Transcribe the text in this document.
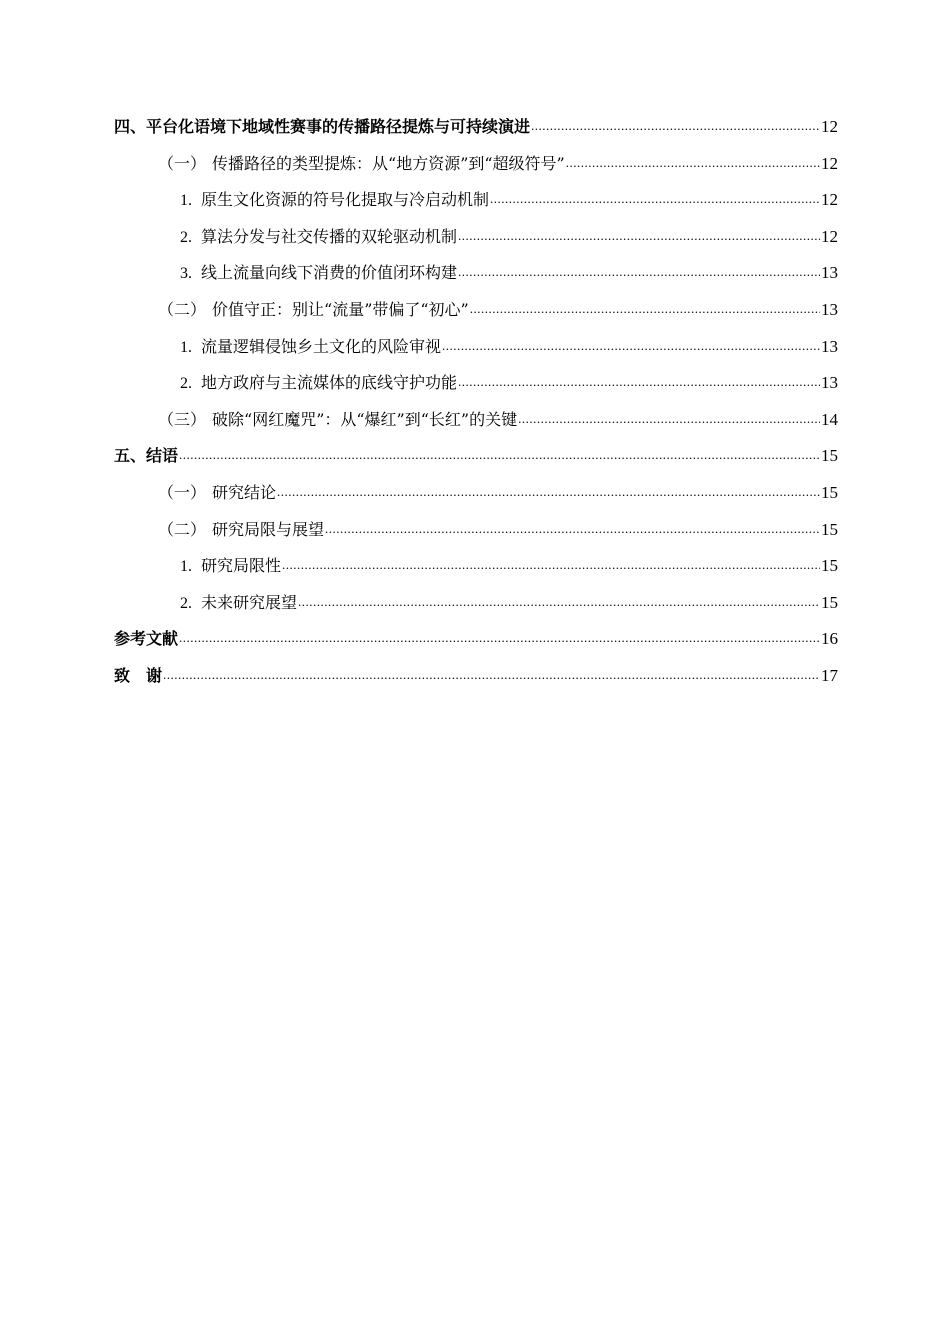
四、平台化语境下地域性赛事的传播路径提炼与可持续演进 .....	12
（一） 传播路径的类型提炼：从“地方资源”到“超级符号” .....	12
1. 原生文化资源的符号化提取与冷启动机制 .....	12
2. 算法分发与社交传播的双轮驱动机制 .....	12
3. 线上流量向线下消费的价值闭环构建 .....	13
（二） 价值守正：别让“流量”带偏了“初心” .....	13
1. 流量逻辑侵蚀乡土文化的风险审视 .....	13
2. 地方政府与主流媒体的底线守护功能 .....	13
（三） 破除“网红魔咒”：从“爆红”到“长红”的关键 .....	14
五、结语 .....	15
（一） 研究结论 .....	15
（二） 研究局限与展望 .....	15
1. 研究局限性 .....	15
2. 未来研究展望 .....	15
参考文献 .....	16
致　谢 .....	17
